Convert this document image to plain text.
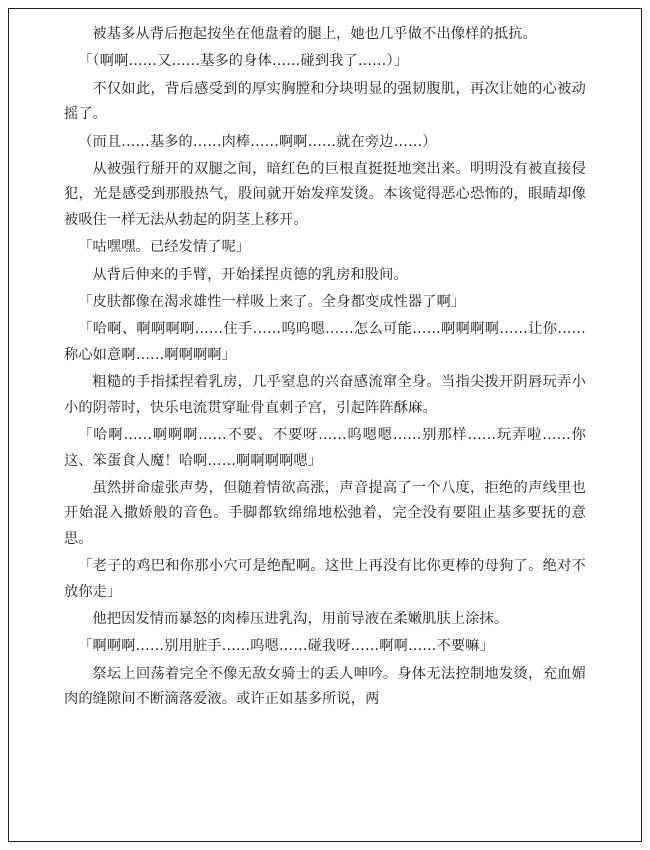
被基多从背后抱起按坐在他盘着的腿上，她也几乎做不出像样的抵抗。

「（啊啊……又……基多的身体……碰到我了……）」

不仅如此，背后感受到的厚实胸膛和分块明显的强韧腹肌，再次让她的心被动摇了。

（而且……基多的……肉棒……啊啊……就在旁边……）

从被强行掰开的双腿之间，暗红色的巨根直挺挺地突出来。明明没有被直接侵犯，光是感受到那股热气，股间就开始发痒发烫。本该觉得恶心恐怖的，眼睛却像被吸住一样无法从勃起的阴茎上移开。

「咕嘿嘿。已经发情了呢」

从背后伸来的手臂，开始揉捏贞德的乳房和股间。

「皮肤都像在渴求雄性一样吸上来了。全身都变成性器了啊」

「哈啊、啊啊啊啊……住手……呜呜嗯……怎么可能……啊啊啊啊……让你……称心如意啊……啊啊啊啊」

粗糙的手指揉捏着乳房，几乎窒息的兴奋感流窜全身。当指尖拨开阴唇玩弄小小的阴蒂时，快乐电流贯穿耻骨直刺子宫，引起阵阵酥麻。

「哈啊……啊啊啊……不要、不要呀……呜嗯嗯……别那样……玩弄啦……你这、笨蛋食人魔！哈啊……啊啊啊啊嗯」

虽然拼命虚张声势，但随着情欲高涨，声音提高了一个八度，拒绝的声线里也开始混入撒娇般的音色。手脚都软绵绵地松弛着，完全没有要阻止基多要抚的意思。

「老子的鸡巴和你那小穴可是绝配啊。这世上再没有比你更棒的母狗了。绝对不放你走」

他把因发情而暴怒的肉棒压进乳沟，用前导液在柔嫩肌肤上涂抹。

「啊啊啊……别用脏手……呜嗯……碰我呀……啊啊……不要嘛」

祭坛上回荡着完全不像无敌女骑士的丢人呻吟。身体无法控制地发烫，充血媚肉的缝隙间不断滴落爱液。或许正如基多所说，两
